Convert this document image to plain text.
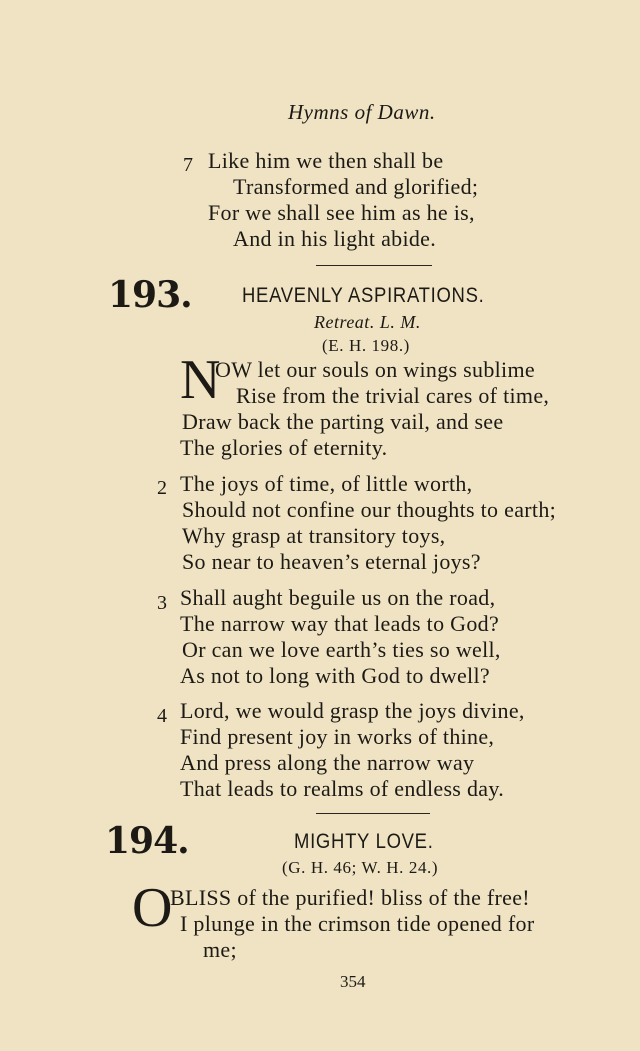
Hymns of Dawn.
7 Like him we then shall be
Transformed and glorified;
For we shall see him as he is,
And in his light abide.
193. HEAVENLY ASPIRATIONS.
Retreat. L. M.
(E. H. 198.)
N
OW let our souls on wings sublime
Rise from the trivial cares of time,
Draw back the parting vail, and see
The glories of eternity.
2 The joys of time, of little worth,
Should not confine our thoughts to earth;
Why grasp at transitory toys,
So near to heaven’s eternal joys?
3 Shall aught beguile us on the road,
The narrow way that leads to God?
Or can we love earth’s ties so well,
As not to long with God to dwell?
4 Lord, we would grasp the joys divine,
Find present joy in works of thine,
And press along the narrow way
That leads to realms of endless day.
194.	MIGHTY LOVE.
(G. H. 46; W. H. 24.)
O
BLISS of the purified! bliss of the free!
I plunge in the crimson tide opened for
me;
354
